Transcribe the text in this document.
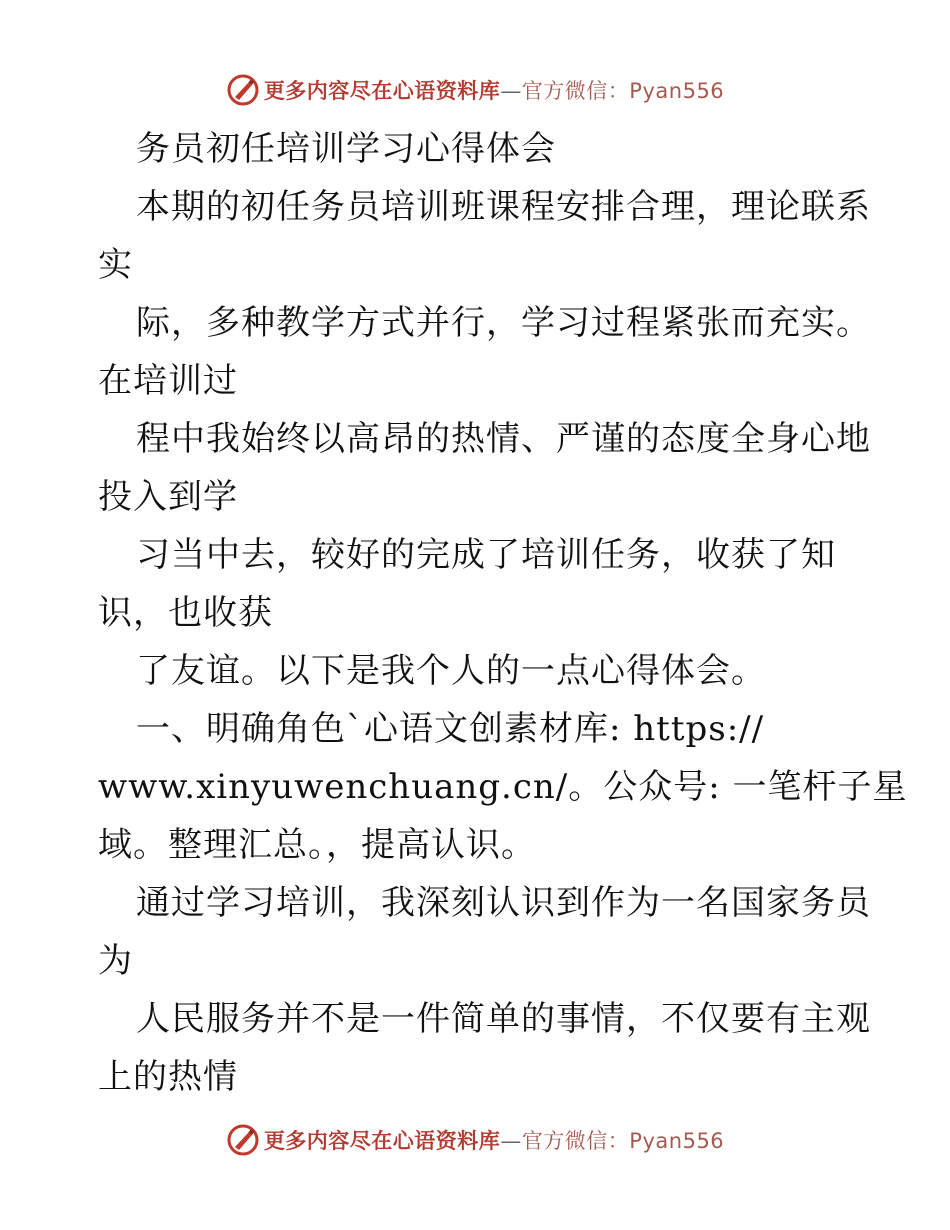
更多内容尽在心语资料库—官方微信：Pyan556
务员初任培训学习心得体会
本期的初任务员培训班课程安排合理，理论联系
实
际，多种教学方式并行，学习过程紧张而充实。
在培训过
程中我始终以高昂的热情、严谨的态度全身心地
投入到学
习当中去，较好的完成了培训任务，收获了知
识，也收获
了友谊。以下是我个人的一点心得体会。
一、明确角色ˋ心语文创素材库: https://
www.xinyuwenchuang.cn/。公众号: 一笔杆子星
域。整理汇总。，提高认识。
通过学习培训，我深刻认识到作为一名国家务员
为
人民服务并不是一件简单的事情，不仅要有主观
上的热情
更多内容尽在心语资料库—官方微信：Pyan556
